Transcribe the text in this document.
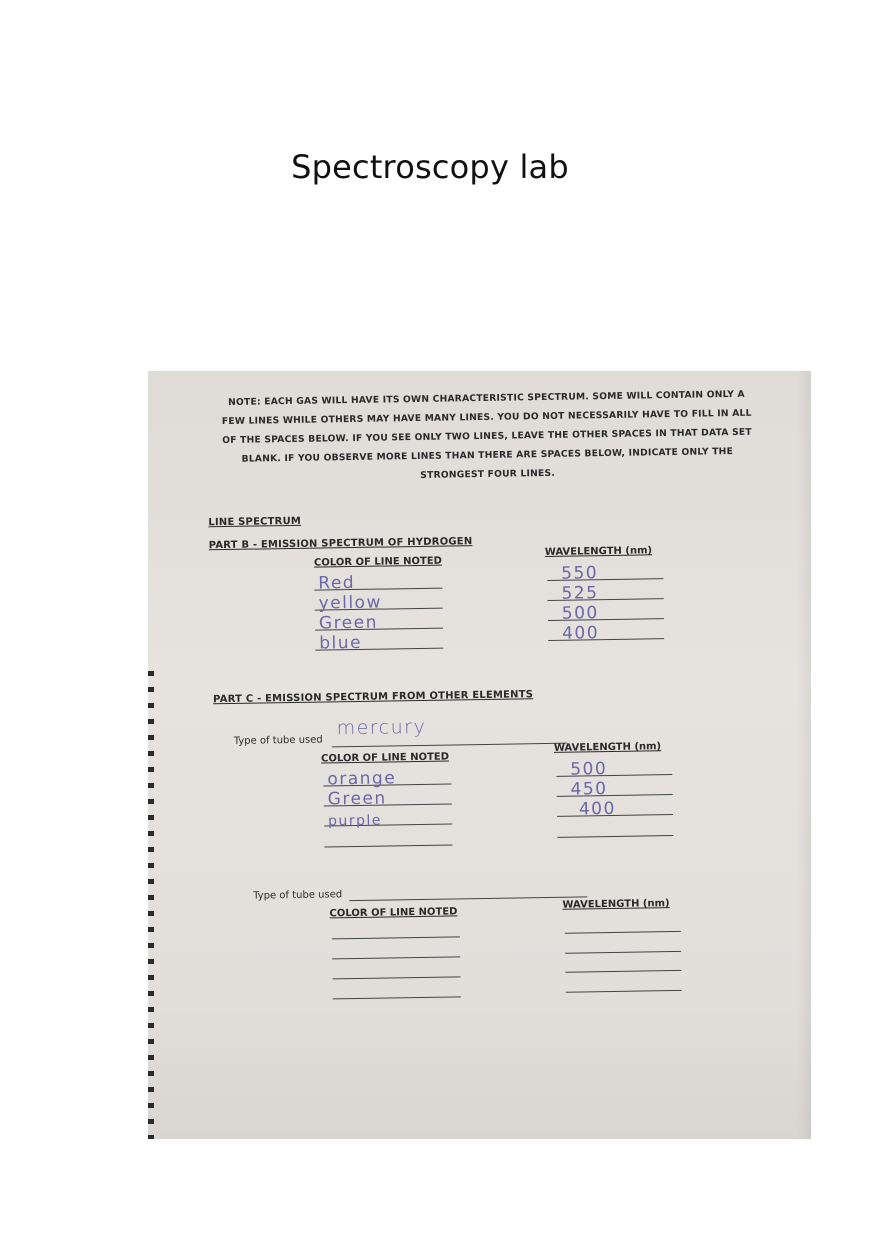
Spectroscopy lab
NOTE: EACH GAS WILL HAVE ITS OWN CHARACTERISTIC SPECTRUM. SOME WILL CONTAIN ONLY A
FEW LINES WHILE OTHERS MAY HAVE MANY LINES. YOU DO NOT NECESSARILY HAVE TO FILL IN ALL
OF THE SPACES BELOW. IF YOU SEE ONLY TWO LINES, LEAVE THE OTHER SPACES IN THAT DATA SET
BLANK. IF YOU OBSERVE MORE LINES THAN THERE ARE SPACES BELOW, INDICATE ONLY THE
STRONGEST FOUR LINES.
LINE SPECTRUM
PART B - EMISSION SPECTRUM OF HYDROGEN
COLOR OF LINE NOTED
WAVELENGTH (nm)
Red
yellow
Green
blue
550
525
500
400
PART C - EMISSION SPECTRUM FROM OTHER ELEMENTS
Type of tube used
mercury
COLOR OF LINE NOTED
WAVELENGTH (nm)
orange
Green
purple
500
450
400
Type of tube used
COLOR OF LINE NOTED
WAVELENGTH (nm)
